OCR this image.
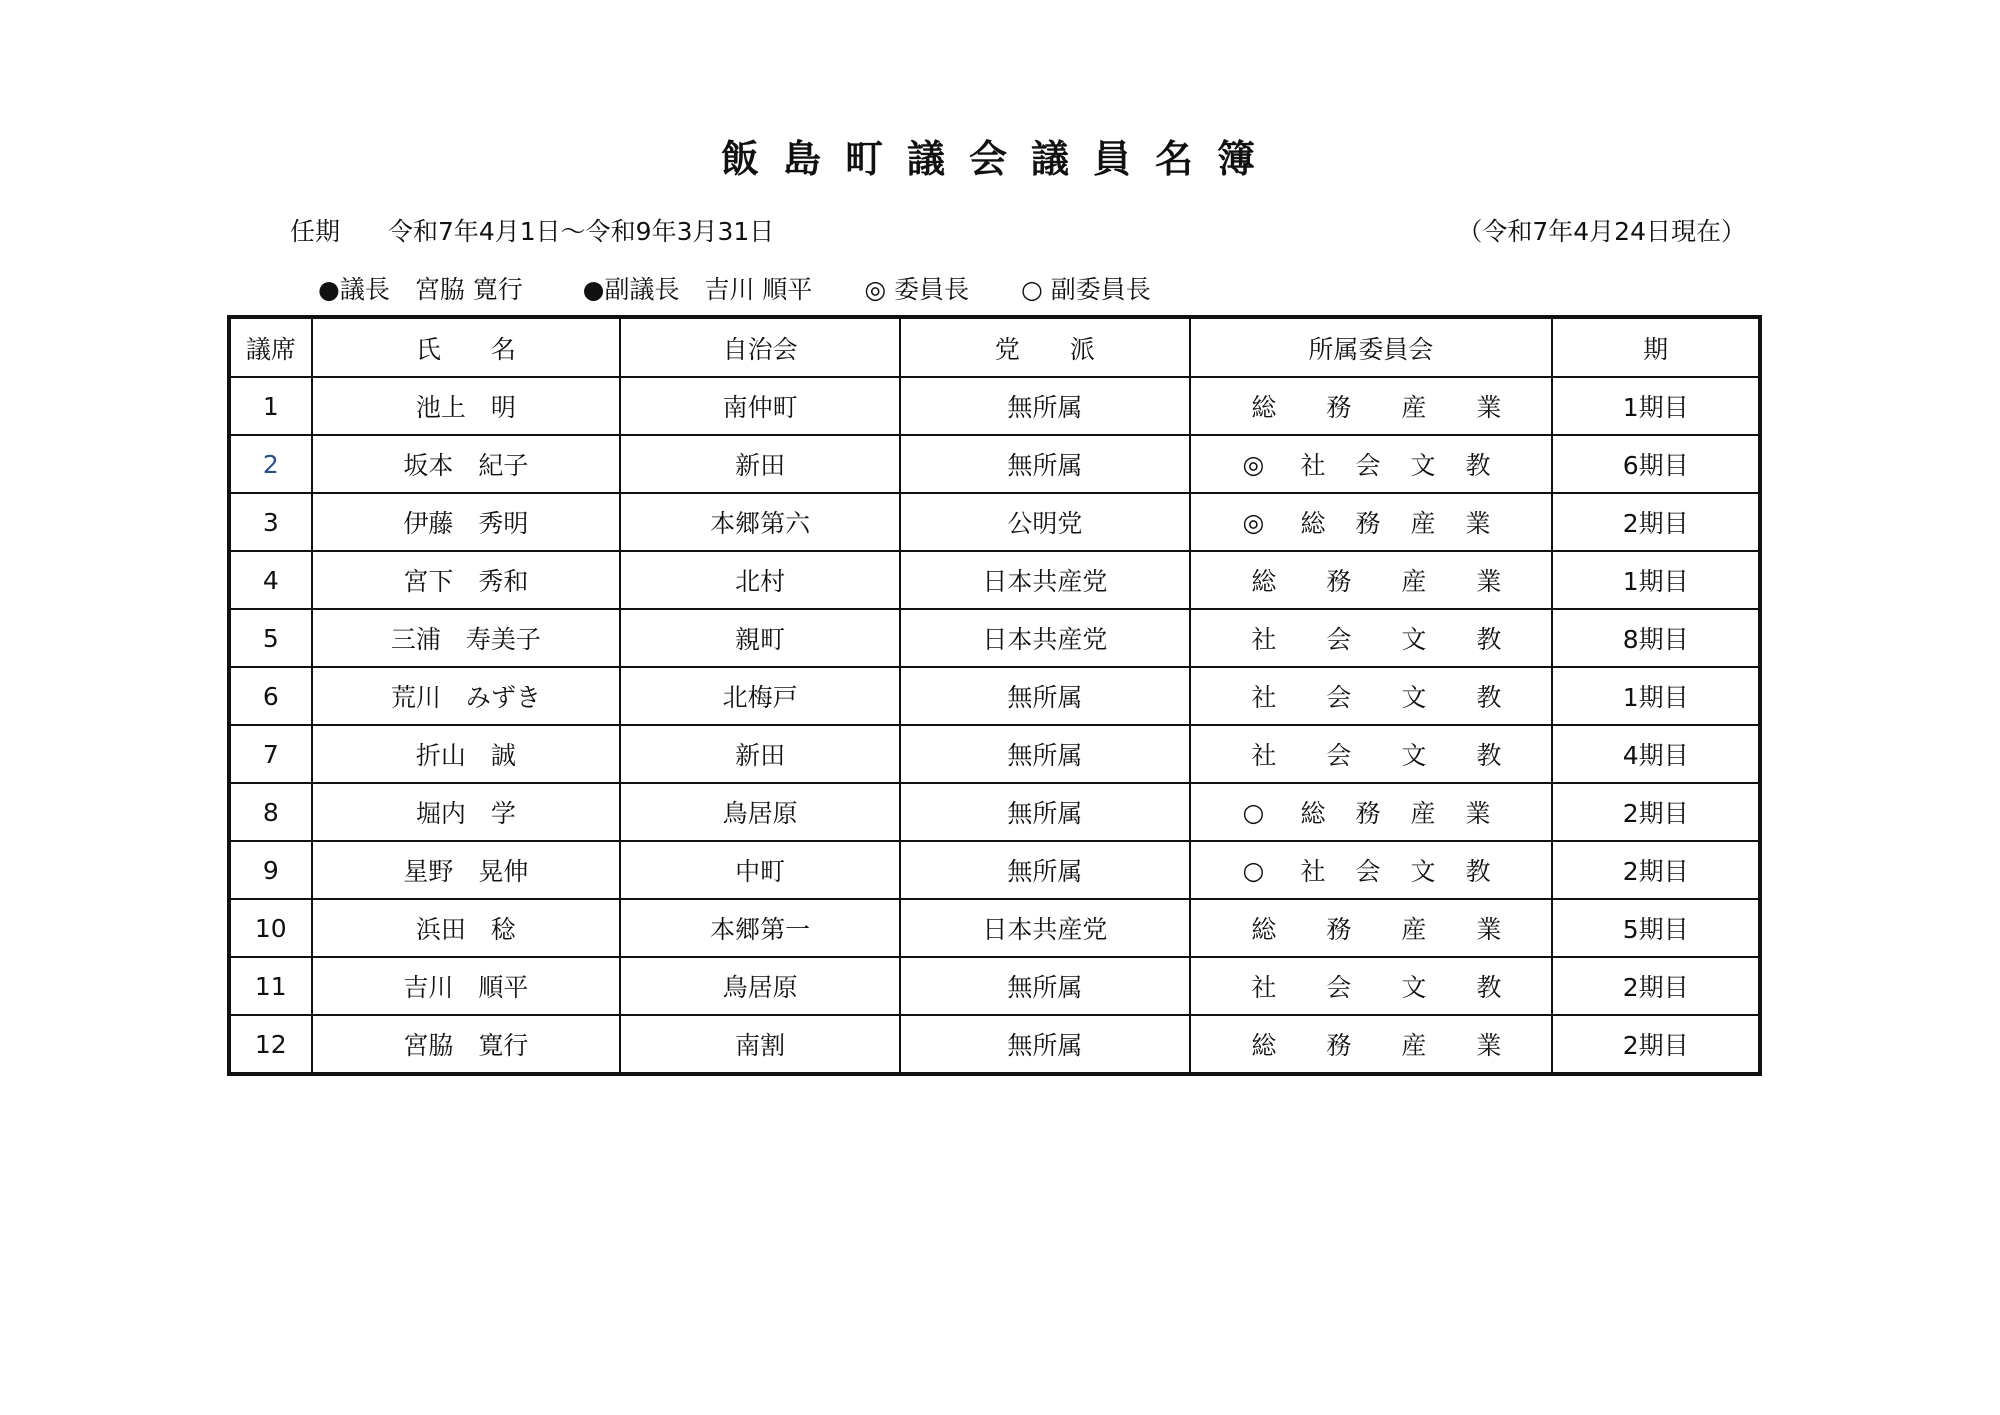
飯島町議会議員名簿
任期 令和7年4月1日～令和9年3月31日	（令和7年4月24日現在）
●議長　宮脇 寛行 ●副議長　吉川 順平 ◎ 委員長 ○ 副委員長
議席	氏　　名	自治会	党　　派	所属委員会	期
1	池上　明	南仲町	無所属	総務産業	1期目
2	坂本　紀子	新田	無所属	◎ 社会文教	6期目
3	伊藤　秀明	本郷第六	公明党	◎ 総務産業	2期目
4	宮下　秀和	北村	日本共産党	総務産業	1期目
5	三浦　寿美子	親町	日本共産党	社会文教	8期目
6	荒川　みずき	北梅戸	無所属	社会文教	1期目
7	折山　誠	新田	無所属	社会文教	4期目
8	堀内　学	鳥居原	無所属	○ 総務産業	2期目
9	星野　晃伸	中町	無所属	○ 社会文教	2期目
10	浜田　稔	本郷第一	日本共産党	総務産業	5期目
11	吉川　順平	鳥居原	無所属	社会文教	2期目
12	宮脇　寛行	南割	無所属	総務産業	2期目
